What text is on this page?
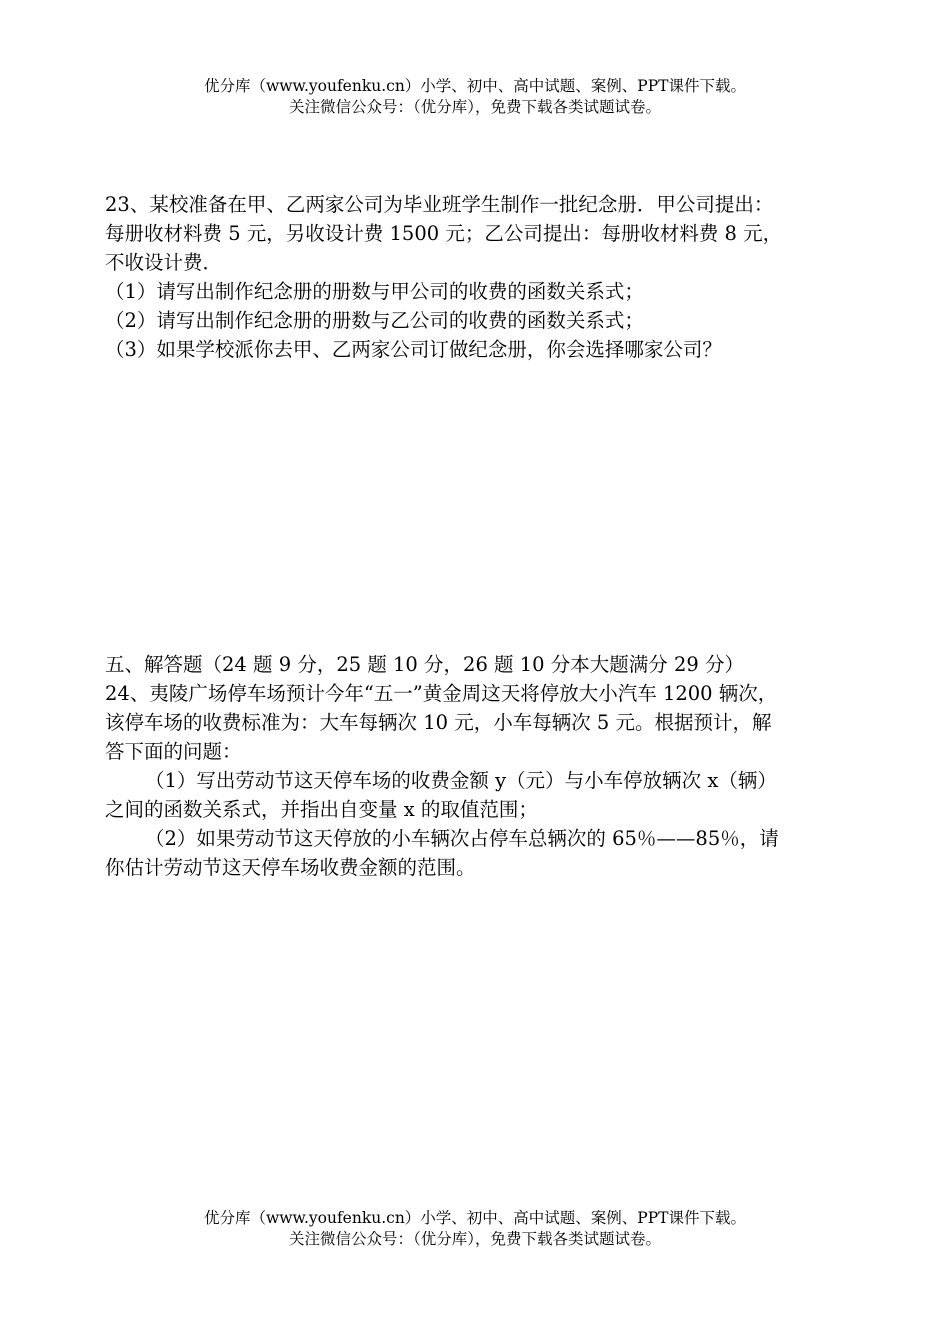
优分库（www.youfenku.cn）小学、初中、高中试题、案例、PPT课件下载。
关注微信公众号：（优分库），免费下载各类试题试卷。
23、某校准备在甲、乙两家公司为毕业班学生制作一批纪念册．甲公司提出：
每册收材料费 5 元，另收设计费 1500 元；乙公司提出：每册收材料费 8 元，
不收设计费．
（1）请写出制作纪念册的册数与甲公司的收费的函数关系式；
（2）请写出制作纪念册的册数与乙公司的收费的函数关系式；
（3）如果学校派你去甲、乙两家公司订做纪念册，你会选择哪家公司？
五、解答题（24 题 9 分，25 题 10 分，26 题 10 分本大题满分 29 分）
24、夷陵广场停车场预计今年“五一”黄金周这天将停放大小汽车 1200 辆次，
该停车场的收费标准为：大车每辆次 10 元，小车每辆次 5 元。根据预计，解
答下面的问题：
（1）写出劳动节这天停车场的收费金额 y（元）与小车停放辆次 x（辆）
之间的函数关系式，并指出自变量 x 的取值范围；
（2）如果劳动节这天停放的小车辆次占停车总辆次的 65％——85％，请
你估计劳动节这天停车场收费金额的范围。
优分库（www.youfenku.cn）小学、初中、高中试题、案例、PPT课件下载。
关注微信公众号：（优分库），免费下载各类试题试卷。
